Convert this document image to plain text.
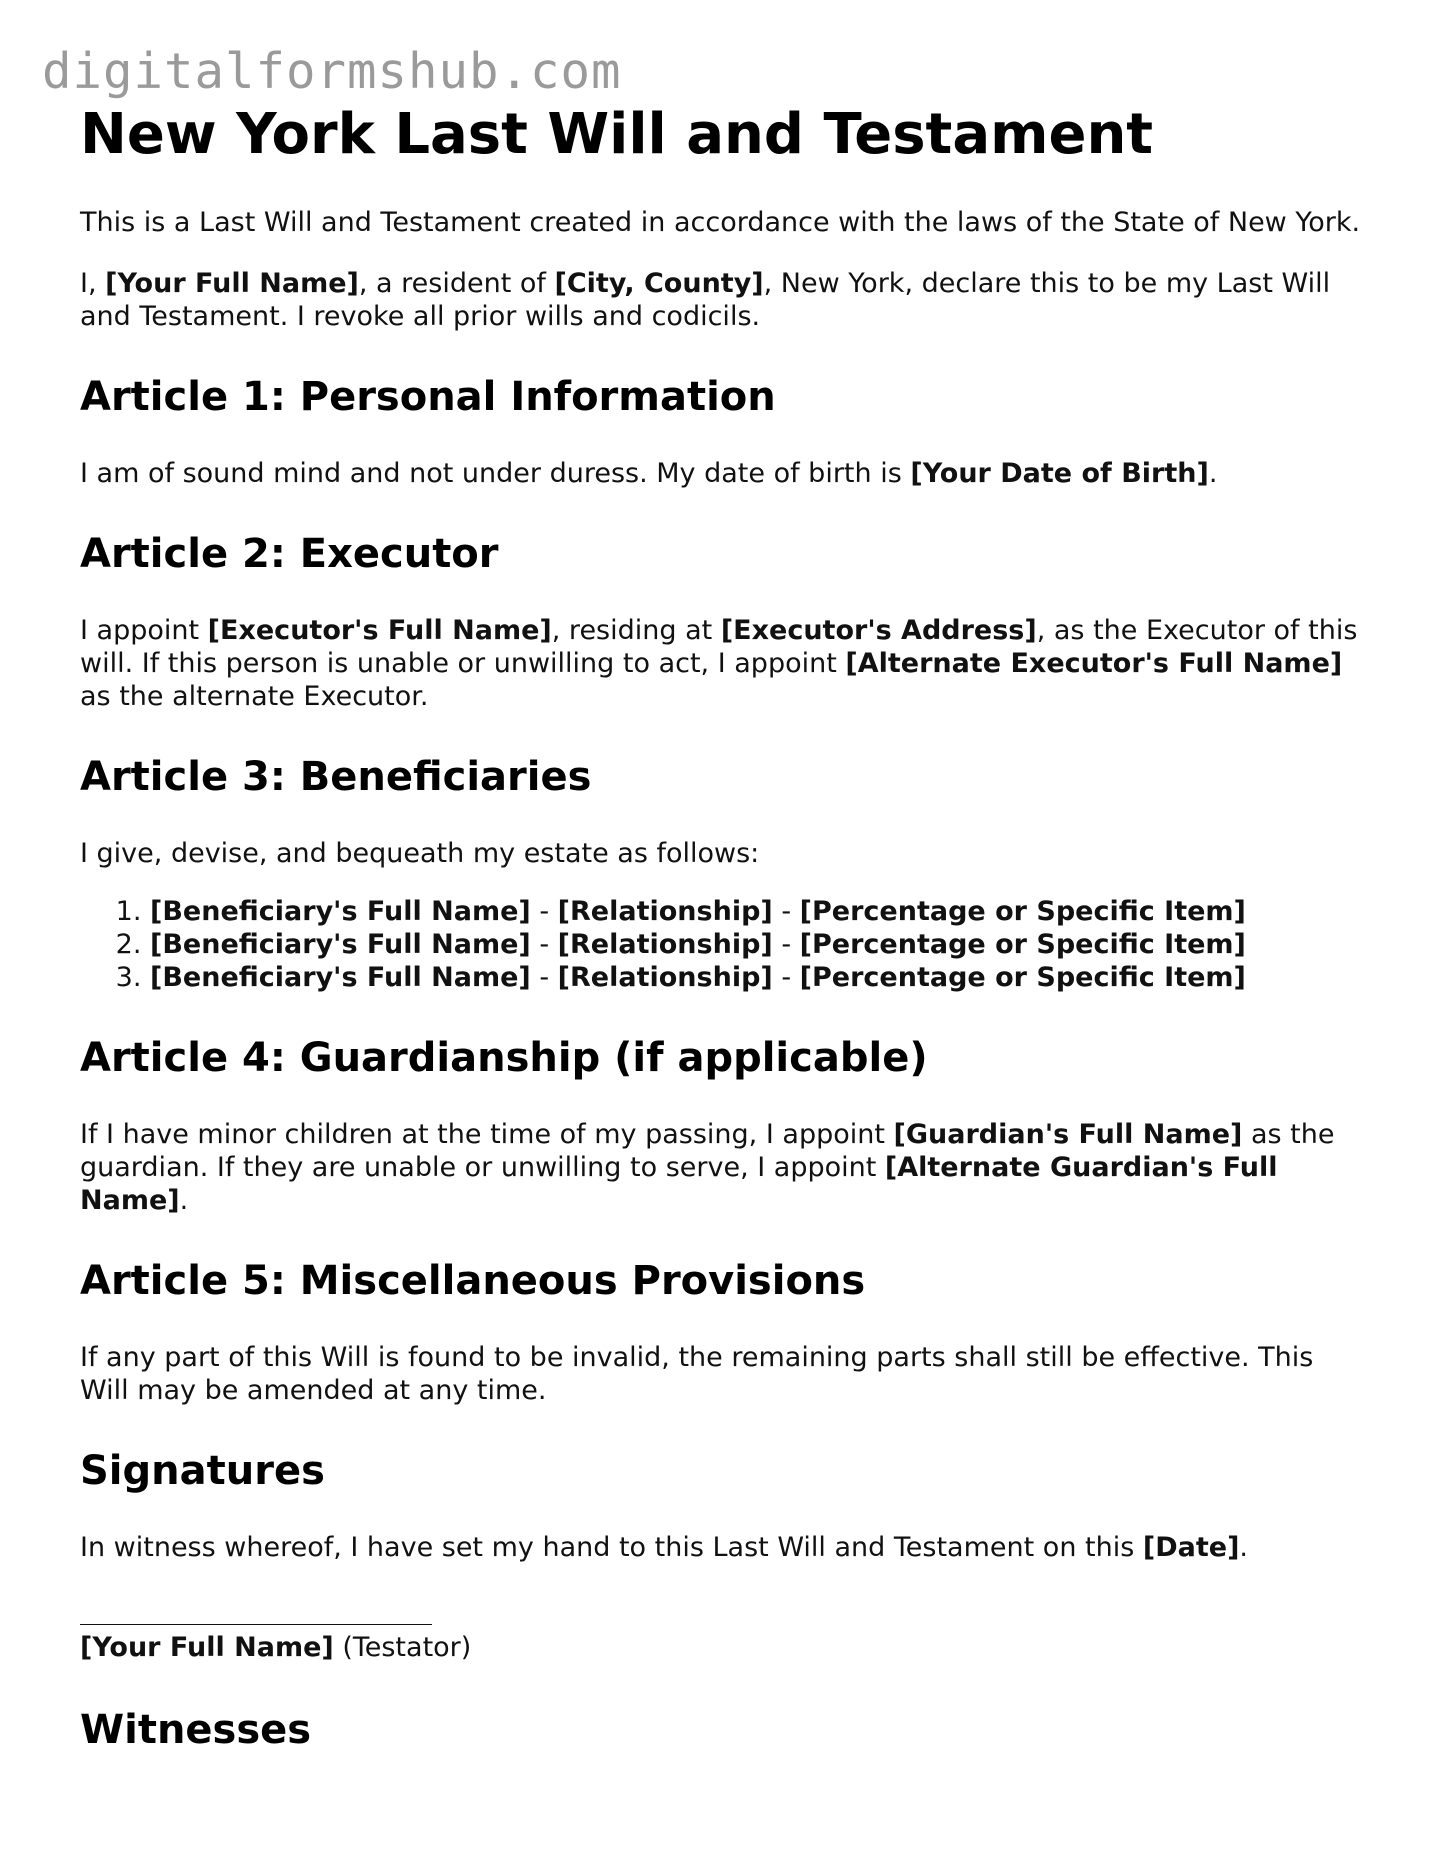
digitalformshub.com
New York Last Will and Testament

This is a Last Will and Testament created in accordance with the laws of the State of New York.

I, [Your Full Name], a resident of [City, County], New York, declare this to be my Last Will and Testament. I revoke all prior wills and codicils.

Article 1: Personal Information

I am of sound mind and not under duress. My date of birth is [Your Date of Birth].

Article 2: Executor

I appoint [Executor's Full Name], residing at [Executor's Address], as the Executor of this will. If this person is unable or unwilling to act, I appoint [Alternate Executor's Full Name] as the alternate Executor.

Article 3: Beneficiaries

I give, devise, and bequeath my estate as follows:

1. [Beneficiary's Full Name] - [Relationship] - [Percentage or Specific Item]
2. [Beneficiary's Full Name] - [Relationship] - [Percentage or Specific Item]
3. [Beneficiary's Full Name] - [Relationship] - [Percentage or Specific Item]
Article 4: Guardianship (if applicable)

If I have minor children at the time of my passing, I appoint [Guardian's Full Name] as the guardian. If they are unable or unwilling to serve, I appoint [Alternate Guardian's Full Name].

Article 5: Miscellaneous Provisions

If any part of this Will is found to be invalid, the remaining parts shall still be effective. This Will may be amended at any time.

Signatures

In witness whereof, I have set my hand to this Last Will and Testament on this [Date].

[Your Full Name] (Testator)

Witnesses
